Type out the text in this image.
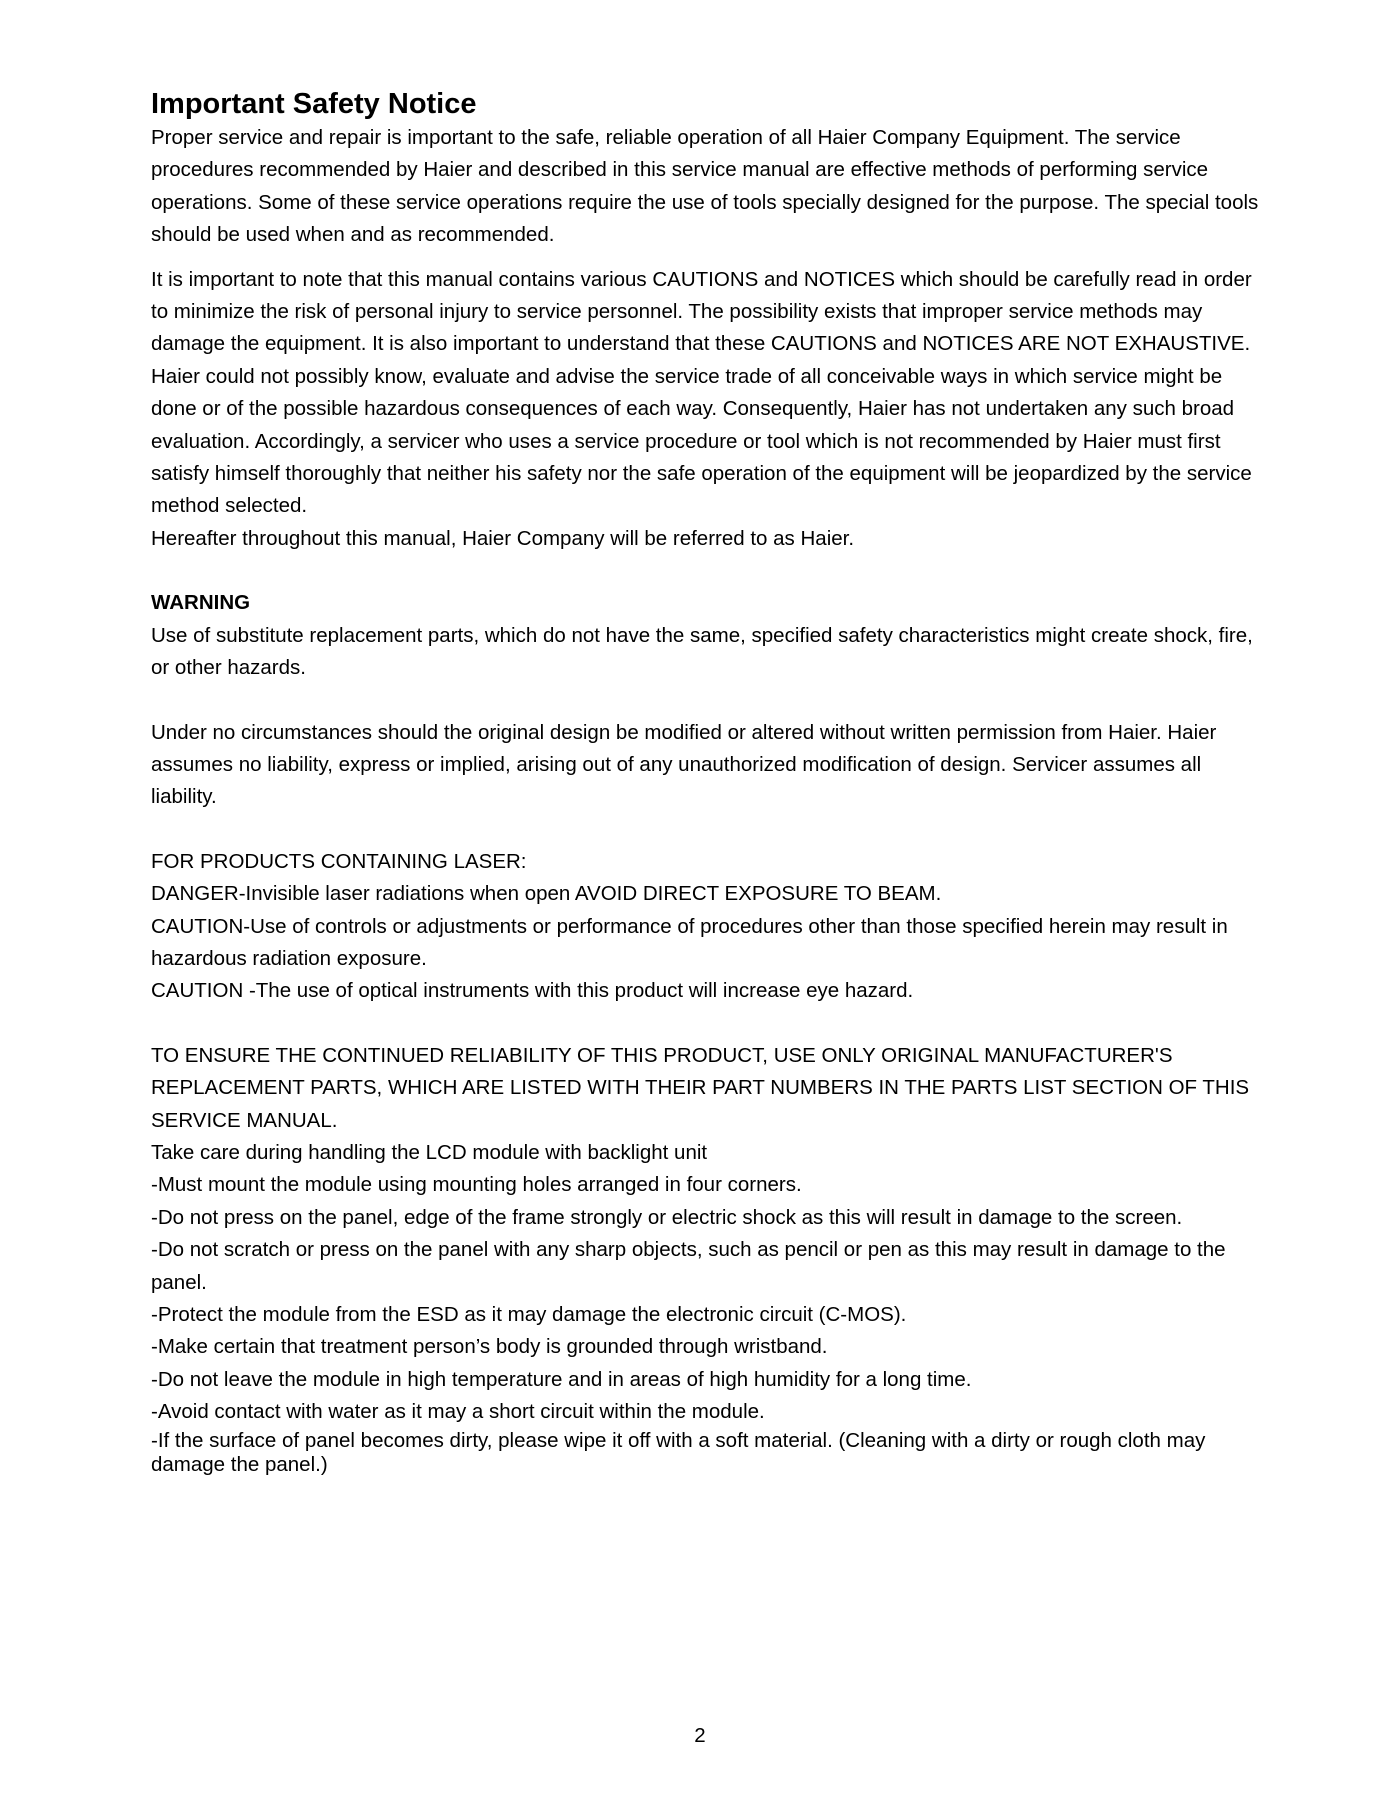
Important Safety Notice

Proper service and repair is important to the safe, reliable operation of all Haier Company Equipment. The service procedures recommended by Haier and described in this service manual are effective methods of performing service operations. Some of these service operations require the use of tools specially designed for the purpose. The special tools should be used when and as recommended.

It is important to note that this manual contains various CAUTIONS and NOTICES which should be carefully read in order to minimize the risk of personal injury to service personnel. The possibility exists that improper service methods may damage the equipment. It is also important to understand that these CAUTIONS and NOTICES ARE NOT EXHAUSTIVE. Haier could not possibly know, evaluate and advise the service trade of all conceivable ways in which service might be done or of the possible hazardous consequences of each way. Consequently, Haier has not undertaken any such broad evaluation. Accordingly, a servicer who uses a service procedure or tool which is not recommended by Haier must first satisfy himself thoroughly that neither his safety nor the safe operation of the equipment will be jeopardized by the service method selected.

Hereafter throughout this manual, Haier Company will be referred to as Haier.

WARNING

Use of substitute replacement parts, which do not have the same, specified safety characteristics might create shock, fire, or other hazards.

Under no circumstances should the original design be modified or altered without written permission from Haier. Haier assumes no liability, express or implied, arising out of any unauthorized modification of design. Servicer assumes all liability.

FOR PRODUCTS CONTAINING LASER:

DANGER-Invisible laser radiations when open AVOID DIRECT EXPOSURE TO BEAM.

CAUTION-Use of controls or adjustments or performance of procedures other than those specified herein may result in hazardous radiation exposure.

CAUTION -The use of optical instruments with this product will increase eye hazard.

TO ENSURE THE CONTINUED RELIABILITY OF THIS PRODUCT, USE ONLY ORIGINAL MANUFACTURER'S REPLACEMENT PARTS, WHICH ARE LISTED WITH THEIR PART NUMBERS IN THE PARTS LIST SECTION OF THIS SERVICE MANUAL.

Take care during handling the LCD module with backlight unit

-Must mount the module using mounting holes arranged in four corners.

-Do not press on the panel, edge of the frame strongly or electric shock as this will result in damage to the screen.

-Do not scratch or press on the panel with any sharp objects, such as pencil or pen as this may result in damage to the panel.

-Protect the module from the ESD as it may damage the electronic circuit (C-MOS).

-Make certain that treatment person’s body is grounded through wristband.

-Do not leave the module in high temperature and in areas of high humidity for a long time.

-Avoid contact with water as it may a short circuit within the module.

-If the surface of panel becomes dirty, please wipe it off with a soft material. (Cleaning with a dirty or rough cloth may damage the panel.)

2
